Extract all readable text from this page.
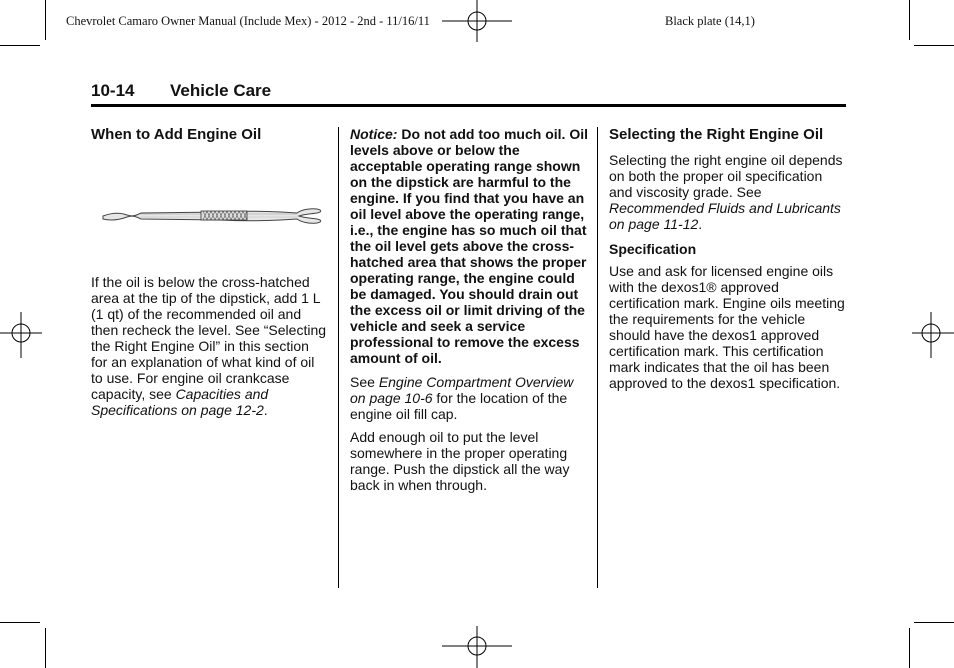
Chevrolet Camaro Owner Manual (Include Mex) - 2012 - 2nd - 11/16/11	Black plate (14,1)
10-14 Vehicle Care
When to Add Engine Oil

If the oil is below the cross-hatched area at the tip of the dipstick, add 1 L (1 qt) of the recommended oil and then recheck the level. See “Selecting the Right Engine Oil” in this section for an explanation of what kind of oil to use. For engine oil crankcase capacity, see Capacities and Specifications on page 12-2.

Notice: Do not add too much oil. Oil levels above or below the acceptable operating range shown on the dipstick are harmful to the engine. If you find that you have an oil level above the operating range, i.e., the engine has so much oil that the oil level gets above the cross-hatched area that shows the proper operating range, the engine could be damaged. You should drain out the excess oil or limit driving of the vehicle and seek a service professional to remove the excess amount of oil.

See Engine Compartment Overview on page 10-6 for the location of the engine oil fill cap.

Add enough oil to put the level somewhere in the proper operating range. Push the dipstick all the way back in when through.

Selecting the Right Engine Oil

Selecting the right engine oil depends on both the proper oil specification and viscosity grade. See Recommended Fluids and Lubricants on page 11-12.

Specification

Use and ask for licensed engine oils with the dexos1® approved certification mark. Engine oils meeting the requirements for the vehicle should have the dexos1 approved certification mark. This certification mark indicates that the oil has been approved to the dexos1 specification.
